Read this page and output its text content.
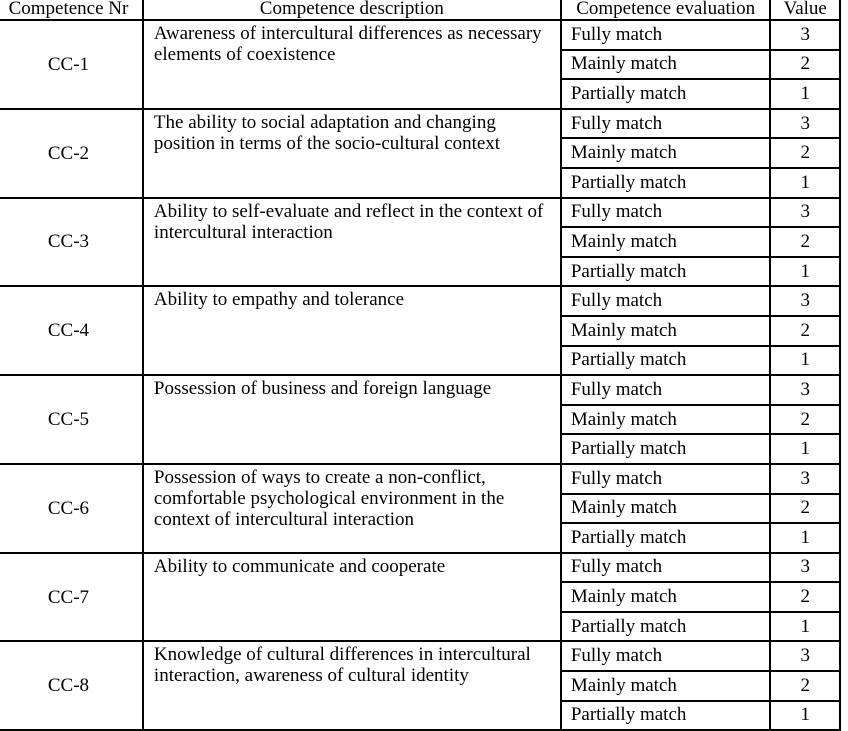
Competence Nr	Competence description	Competence evaluation	Value
CC-1	Awareness of intercultural differences as necessary elements of coexistence	Fully match	3
		Mainly match	2
		Partially match	1
CC-2	The ability to social adaptation and changing position in terms of the socio-cultural context	Fully match	3
		Mainly match	2
		Partially match	1
CC-3	Ability to self-evaluate and reflect in the context of intercultural interaction	Fully match	3
		Mainly match	2
		Partially match	1
CC-4	Ability to empathy and tolerance	Fully match	3
		Mainly match	2
		Partially match	1
CC-5	Possession of business and foreign language	Fully match	3
		Mainly match	2
		Partially match	1
CC-6	Possession of ways to create a non-conflict, comfortable psychological environment in the context of intercultural interaction	Fully match	3
		Mainly match	2
		Partially match	1
CC-7	Ability to communicate and cooperate	Fully match	3
		Mainly match	2
		Partially match	1
CC-8	Knowledge of cultural differences in intercultural interaction, awareness of cultural identity	Fully match	3
		Mainly match	2
		Partially match	1
